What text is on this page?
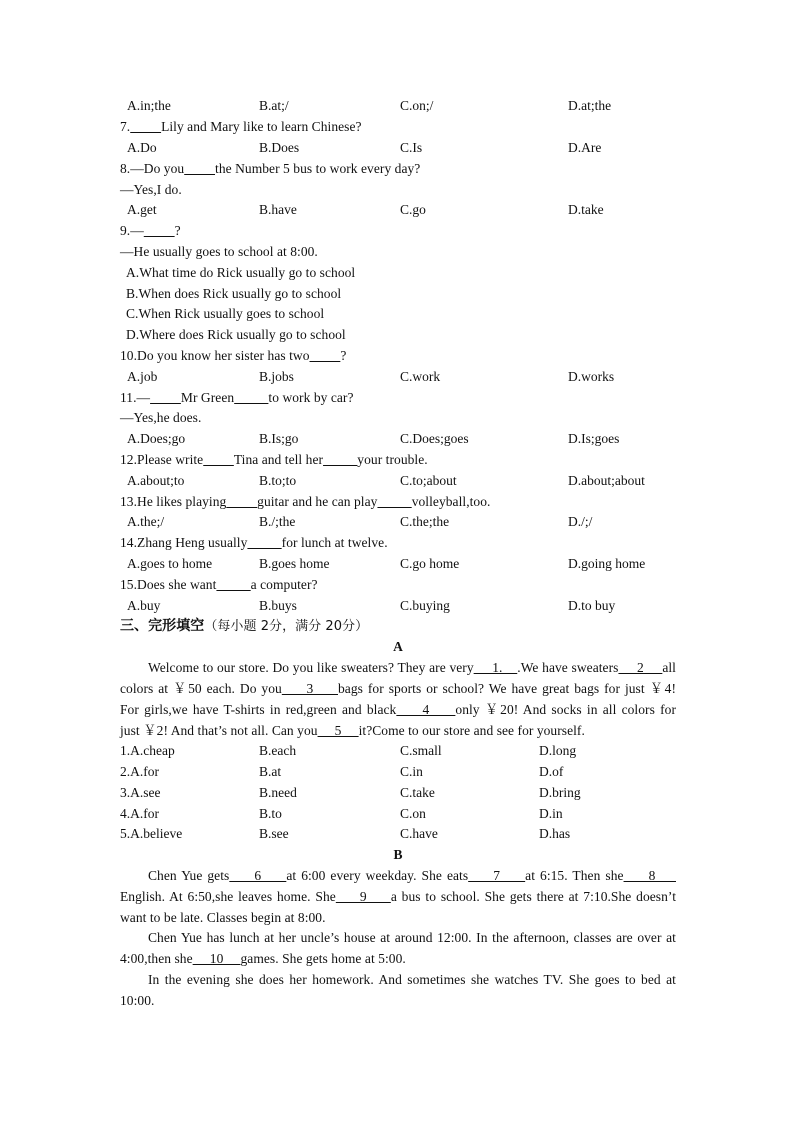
A.in;the	B.at;/	C.on;/	D.at;the
7. Lily and Mary like to learn Chinese?
A.Do	B.Does	C.Is	D.Are
8.—Do you the Number 5 bus to work every day?
—Yes,I do.
A.get	B.have	C.go	D.take
9.— ?
—He usually goes to school at 8:00.
A.What time do Rick usually go to school
B.When does Rick usually go to school
C.When Rick usually goes to school
D.Where does Rick usually go to school
10.Do you know her sister has two ?
A.job	B.jobs	C.work	D.works
11.— Mr Green	to work by car?
—Yes,he does.
A.Does;go	B.Is;go	C.Does;goes	D.Is;goes
12.Please write Tina and tell her	your trouble.
A.about;to	B.to;to	C.to;about	D.about;about
13.He likes playing guitar and he can play	volleyball,too.
A.the;/	B./;the	C.the;the	D./;/
14.Zhang Heng usually	for lunch at twelve.
A.goes to home	B.goes home	C.go home	D.going home
15.Does she want	a computer?
A.buy	B.buys	C.buying	D.to buy
三、完形填空（每小题 2分，满分 20分）
A
Welcome to our store. Do you like sweaters? They are very     1.    .We have sweaters     2     all
colors at ￥50 each. Do you     3     bags for sports or school? We have great bags for just ￥4!
For girls,we have T-shirts in red,green and black     4     only ￥20! And socks in all colors for
just ￥2! And that’s not all. Can you     5     it?Come to our store and see for yourself.
1.A.cheap	B.each	C.small	D.long
2.A.for	B.at	C.in	D.of
3.A.see	B.need	C.take	D.bring
4.A.for	B.to	C.on	D.in
5.A.believe	B.see	C.have	D.has
B
Chen Yue gets     6     at 6:00 every weekday. She eats     7     at 6:15. Then she     8
English. At 6:50,she leaves home. She     9     a bus to school. She gets there at 7:10.She doesn’t
want to be late. Classes begin at 8:00.
Chen Yue has lunch at her uncle’s house at around 12:00. In the afternoon, classes are over at
4:00,then she     10     games. She gets home at 5:00.
In the evening she does her homework. And sometimes she watches TV. She goes to bed at
10:00.
